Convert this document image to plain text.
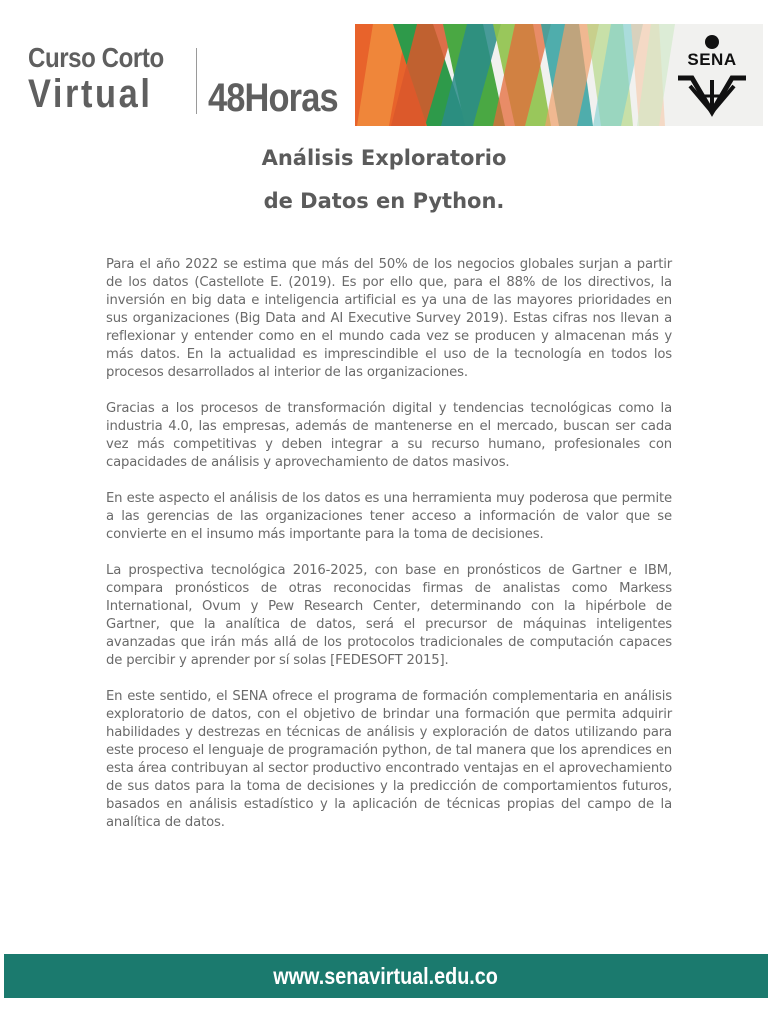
Curso Corto
Virtual 48Horas
SENA
Análisis Exploratorio
de Datos en Python.

Para el año 2022 se estima que más del 50% de los negocios globales surjan a partir de los datos (Castellote E. (2019). Es por ello que, para el 88% de los directivos, la inversión en big data e inteligencia artificial es ya una de las mayores prioridades en sus organizaciones (Big Data and AI Executive Survey 2019). Estas cifras nos llevan a reflexionar y entender como en el mundo cada vez se producen y almacenan más y más datos. En la actualidad es imprescindible el uso de la tecnología en todos los procesos desarrollados al interior de las organizaciones.

Gracias a los procesos de transformación digital y tendencias tecnológicas como la industria 4.0, las empresas, además de mantenerse en el mercado, buscan ser cada vez más competitivas y deben integrar a su recurso humano, profesionales con capacidades de análisis y aprovechamiento de datos masivos.

En este aspecto el análisis de los datos es una herramienta muy poderosa que permite a las gerencias de las organizaciones tener acceso a información de valor que se convierte en el insumo más importante para la toma de decisiones.

La prospectiva tecnológica 2016-2025, con base en pronósticos de Gartner e IBM, compara pronósticos de otras reconocidas firmas de analistas como Markess International, Ovum y Pew Research Center, determinando con la hipérbole de Gartner, que la analítica de datos, será el precursor de máquinas inteligentes avanzadas que irán más allá de los protocolos tradicionales de computación capaces de percibir y aprender por sí solas [FEDESOFT 2015].

En este sentido, el SENA ofrece el programa de formación complementaria en análisis exploratorio de datos, con el objetivo de brindar una formación que permita adquirir habilidades y destrezas en técnicas de análisis y exploración de datos utilizando para este proceso el lenguaje de programación python, de tal manera que los aprendices en esta área contribuyan al sector productivo encontrado ventajas en el aprovechamiento de sus datos para la toma de decisiones y la predicción de comportamientos futuros, basados en análisis estadístico y la aplicación de técnicas propias del campo de la analítica de datos.

www.senavirtual.edu.co
